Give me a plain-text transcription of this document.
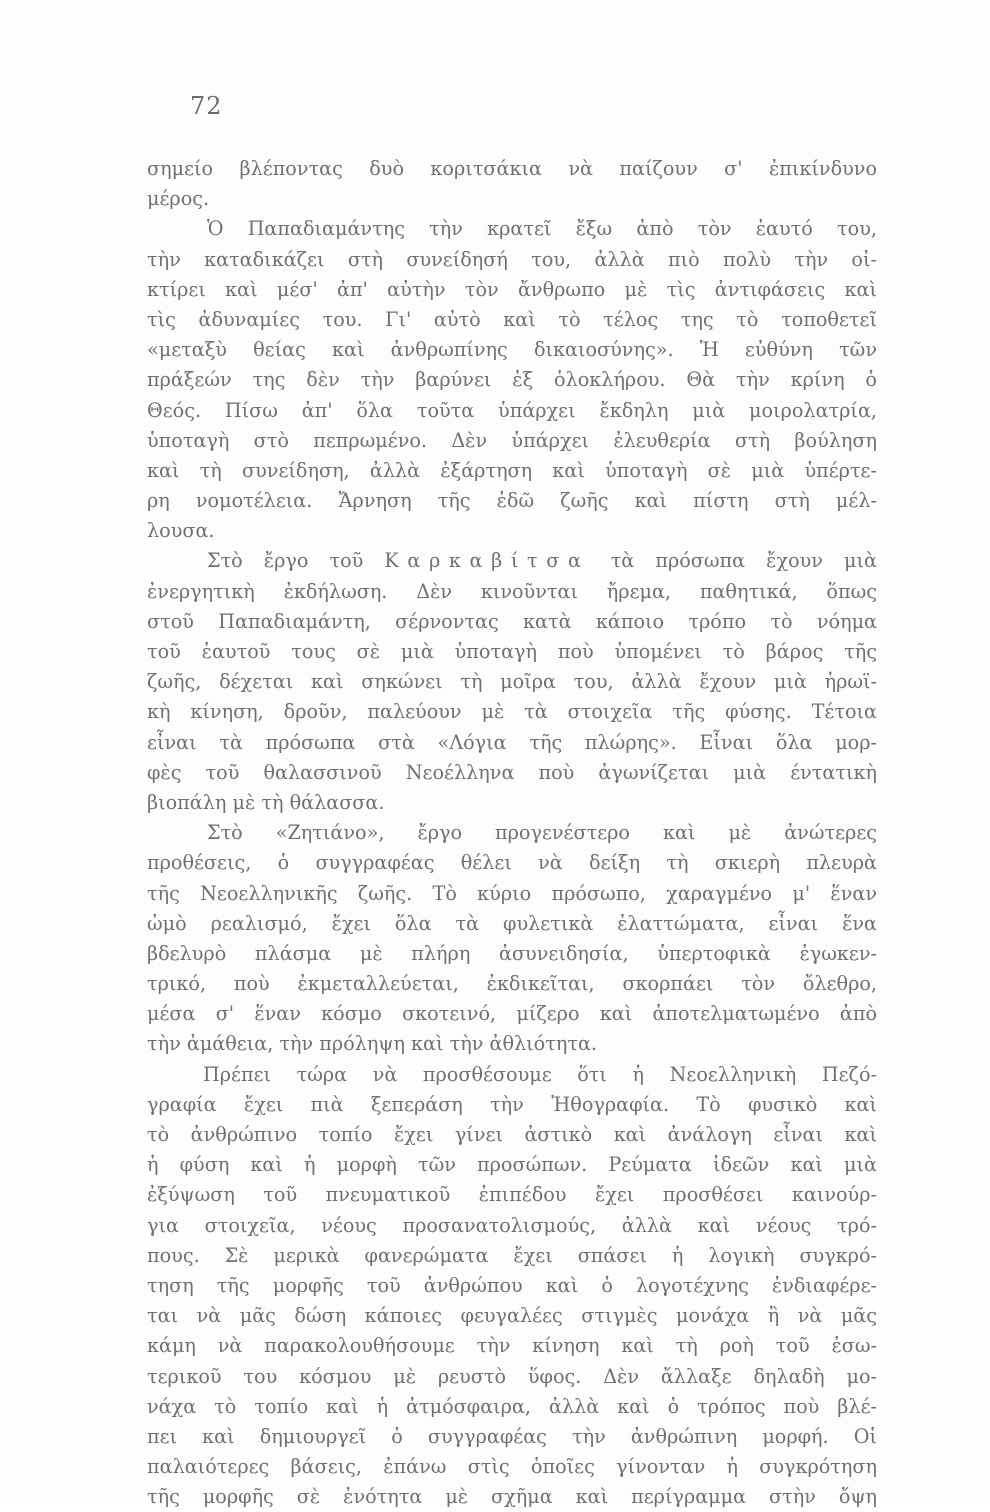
72
σημείο βλέποντας δυὸ κοριτσάκια νὰ παίζουν σ' ἐπικίνδυνο
μέρος.
Ὁ Παπαδιαμάντης τὴν κρατεῖ ἔξω ἀπὸ τὸν ἑαυτό του,
τὴν καταδικάζει στὴ συνείδησή του, ἀλλὰ πιὸ πολὺ τὴν οἰ-
κτίρει καὶ μέσ' ἀπ' αὐτὴν τὸν ἄνθρωπο μὲ τὶς ἀντιφάσεις καὶ
τὶς ἀδυναμίες του. Γι' αὐτὸ καὶ τὸ τέλος της τὸ τοποθετεῖ
«μεταξὺ θείας καὶ ἀνθρωπίνης δικαιοσύνης». Ἡ εὐθύνη τῶν
πράξεών της δὲν τὴν βαρύνει ἐξ ὁλοκλήρου. Θὰ τὴν κρίνη ὁ
Θεός. Πίσω ἀπ' ὅλα τοῦτα ὑπάρχει ἔκδηλη μιὰ μοιρολατρία,
ὑποταγὴ στὸ πεπρωμένο. Δὲν ὑπάρχει ἐλευθερία στὴ βούληση
καὶ τὴ συνείδηση, ἀλλὰ ἐξάρτηση καὶ ὑποταγὴ σὲ μιὰ ὑπέρτε-
ρη νομοτέλεια. Ἄρνηση τῆς ἐδῶ ζωῆς καὶ πίστη στὴ μέλ-
λουσα.
Στὸ ἔργο τοῦ Καρκαβίτσα τὰ πρόσωπα ἔχουν μιὰ
ἐνεργητικὴ ἐκδήλωση. Δὲν κινοῦνται ἤρεμα, παθητικά, ὅπως
στοῦ Παπαδιαμάντη, σέρνοντας κατὰ κάποιο τρόπο τὸ νόημα
τοῦ ἑαυτοῦ τους σὲ μιὰ ὑποταγὴ ποὺ ὑπομένει τὸ βάρος τῆς
ζωῆς, δέχεται καὶ σηκώνει τὴ μοῖρα του, ἀλλὰ ἔχουν μιὰ ἡρωϊ-
κὴ κίνηση, δροῦν, παλεύουν μὲ τὰ στοιχεῖα τῆς φύσης. Τέτοια
εἶναι τὰ πρόσωπα στὰ «Λόγια τῆς πλώρης». Εἶναι ὅλα μορ-
φὲς τοῦ θαλασσινοῦ Νεοέλληνα ποὺ ἀγωνίζεται μιὰ έντατικὴ
βιοπάλη μὲ τὴ θάλασσα.
Στὸ «Ζητιάνο», ἔργο προγενέστερο καὶ μὲ ἀνώτερες
προθέσεις, ὁ συγγραφέας θέλει νὰ δείξη τὴ σκιερὴ πλευρὰ
τῆς Νεοελληνικῆς ζωῆς. Τὸ κύριο πρόσωπο, χαραγμένο μ' ἕναν
ὠμὸ ρεαλισμό, ἔχει ὅλα τὰ φυλετικὰ ἐλαττώματα, εἶναι ἕνα
βδελυρὸ πλάσμα μὲ πλήρη ἀσυνειδησία, ὑπερτοφικὰ ἐγωκεν-
τρικό, ποὺ ἐκμεταλλεύεται, ἐκδικεῖται, σκορπάει τὸν ὄλεθρο,
μέσα σ' ἕναν κόσμο σκοτεινό, μίζερο καὶ ἀποτελματωμένο ἀπὸ
τὴν ἀμάθεια, τὴν πρόληψη καὶ τὴν ἀθλιότητα.
Πρέπει τώρα νὰ προσθέσουμε ὅτι ἡ Νεοελληνικὴ Πεζό-
γραφία ἔχει πιὰ ξεπεράση τὴν Ἠθογραφία. Τὸ φυσικὸ καὶ
τὸ ἀνθρώπινο τοπίο ἔχει γίνει ἀστικὸ καὶ ἀνάλογη εἶναι καὶ
ἡ φύση καὶ ἡ μορφὴ τῶν προσώπων. Ρεύματα ἰδεῶν καὶ μιὰ
ἐξύψωση τοῦ πνευματικοῦ ἐπιπέδου ἔχει προσθέσει καινούρ-
για στοιχεῖα, νέους προσανατολισμούς, ἀλλὰ καὶ νέους τρό-
πους. Σὲ μερικὰ φανερώματα ἔχει σπάσει ἡ λογικὴ συγκρό-
τηση τῆς μορφῆς τοῦ ἀνθρώπου καὶ ὁ λογοτέχνης ἐνδιαφέρε-
ται νὰ μᾶς δώση κάποιες φευγαλέες στιγμὲς μονάχα ἢ νὰ μᾶς
κάμη νὰ παρακολουθήσουμε τὴν κίνηση καὶ τὴ ροὴ τοῦ ἐσω-
τερικοῦ του κόσμου μὲ ρευστὸ ὕφος. Δὲν ἄλλαξε δηλαδὴ μο-
νάχα τὸ τοπίο καὶ ἡ ἀτμόσφαιρα, ἀλλὰ καὶ ὁ τρόπος ποὺ βλέ-
πει καὶ δημιουργεῖ ὁ συγγραφέας τὴν ἀνθρώπινη μορφή. Οἱ
παλαιότερες βάσεις, ἐπάνω στὶς ὁποῖες γίνονταν ἡ συγκρότηση
τῆς μορφῆς σὲ ἑνότητα μὲ σχῆμα καὶ περίγραμμα στὴν ὄψη
